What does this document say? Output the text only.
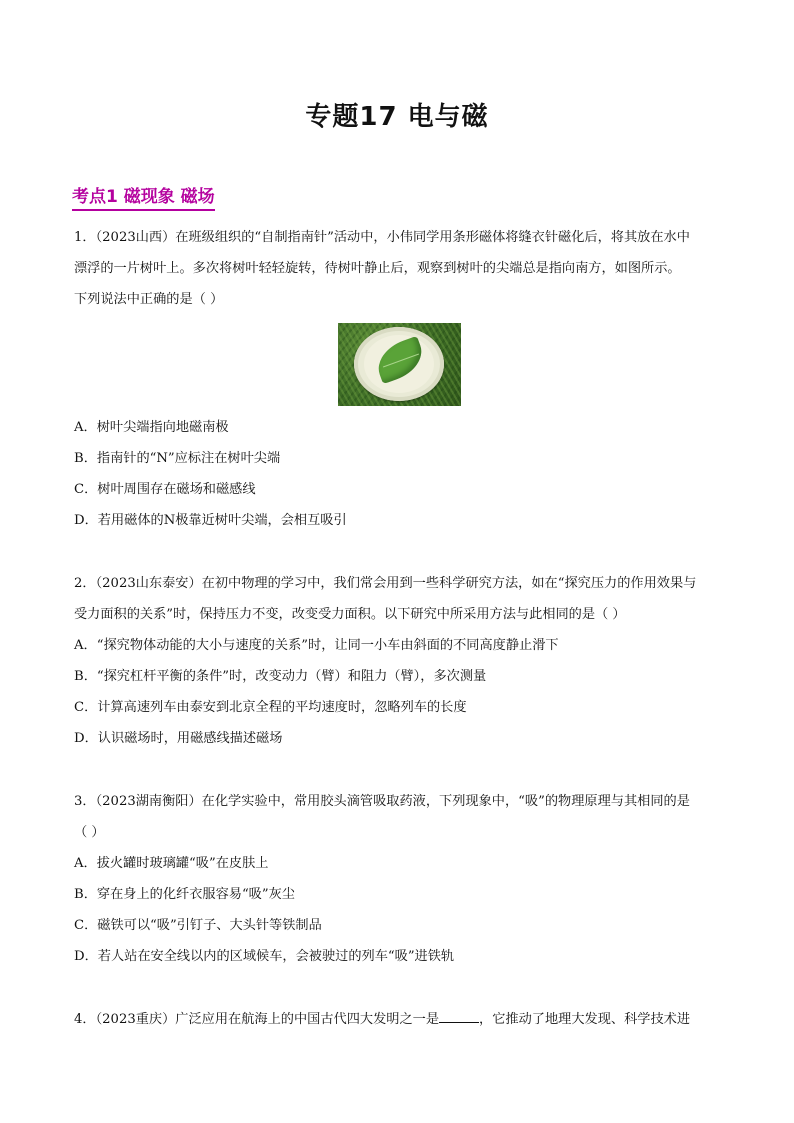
专题17 电与磁
考点1 磁现象 磁场

1．（2023山西）在班级组织的“自制指南针”活动中，小伟同学用条形磁体将缝衣针磁化后，将其放在水中

漂浮的一片树叶上。多次将树叶轻轻旋转，待树叶静止后，观察到树叶的尖端总是指向南方，如图所示。

下列说法中正确的是（ ）

A．树叶尖端指向地磁南极

B．指南针的“N”应标注在树叶尖端

C．树叶周围存在磁场和磁感线

D．若用磁体的N极靠近树叶尖端，会相互吸引

2．（2023山东泰安）在初中物理的学习中，我们常会用到一些科学研究方法，如在“探究压力的作用效果与

受力面积的关系”时，保持压力不变，改变受力面积。以下研究中所采用方法与此相同的是（ ）

A．“探究物体动能的大小与速度的关系”时，让同一小车由斜面的不同高度静止滑下

B．“探究杠杆平衡的条件”时，改变动力（臂）和阻力（臂），多次测量

C．计算高速列车由泰安到北京全程的平均速度时，忽略列车的长度

D．认识磁场时，用磁感线描述磁场

3．（2023湖南衡阳）在化学实验中，常用胶头滴管吸取药液，下列现象中，“吸”的物理原理与其相同的是

（ ）

A．拔火罐时玻璃罐“吸”在皮肤上

B．穿在身上的化纤衣服容易“吸”灰尘

C．磁铁可以“吸”引钉子、大头针等铁制品

D．若人站在安全线以内的区域候车，会被驶过的列车“吸”进铁轨

4．（2023重庆）广泛应用在航海上的中国古代四大发明之一是	，它推动了地理大发现、科学技术进
